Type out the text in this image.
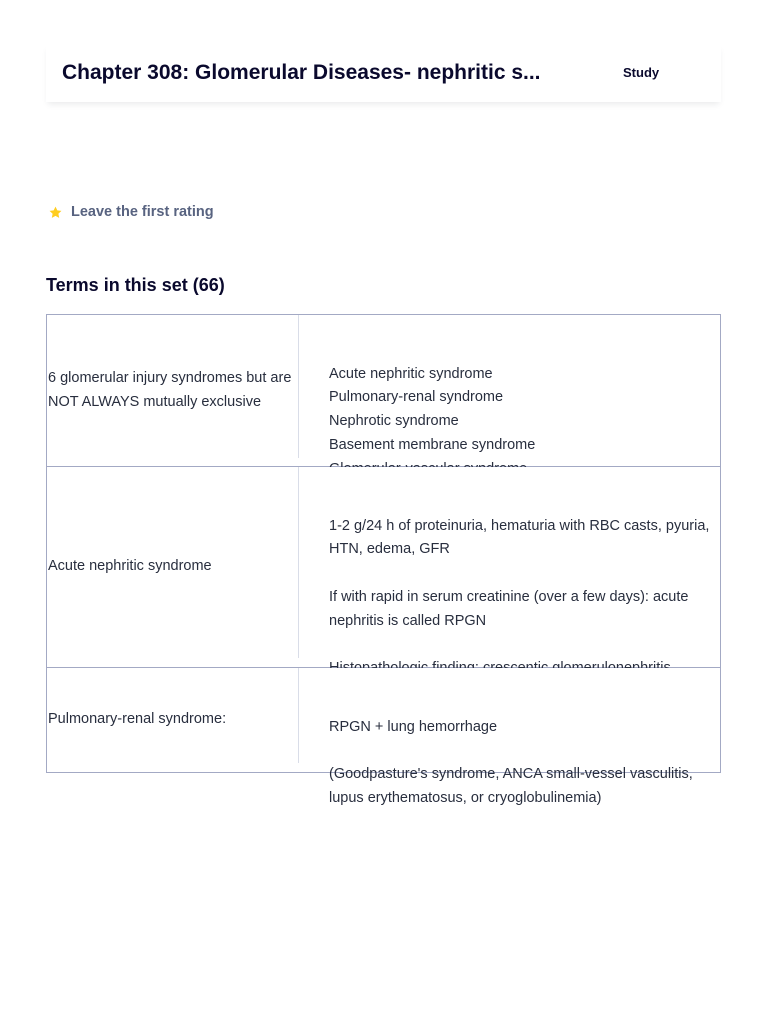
Chapter 308: Glomerular Diseases- nephritic s...	Study
Leave the first rating
Terms in this set (66)
6 glomerular injury syndromes but are NOT ALWAYS mutually exclusive

Acute nephritic syndrome
Pulmonary-renal syndrome
Nephrotic syndrome
Basement membrane syndrome

Acute nephritic syndrome

1-2 g/24 h of proteinuria, hematuria with RBC casts, pyuria, HTN, edema, GFR

If with rapid in serum creatinine (over a few days): acute nephritis is called RPGN

Pulmonary-renal syndrome:

	RPGN + lung hemorrhage

(Goodpasture's syndrome, ANCA small-vessel vasculitis, lupus erythematosus, or cryoglobulinemia)
